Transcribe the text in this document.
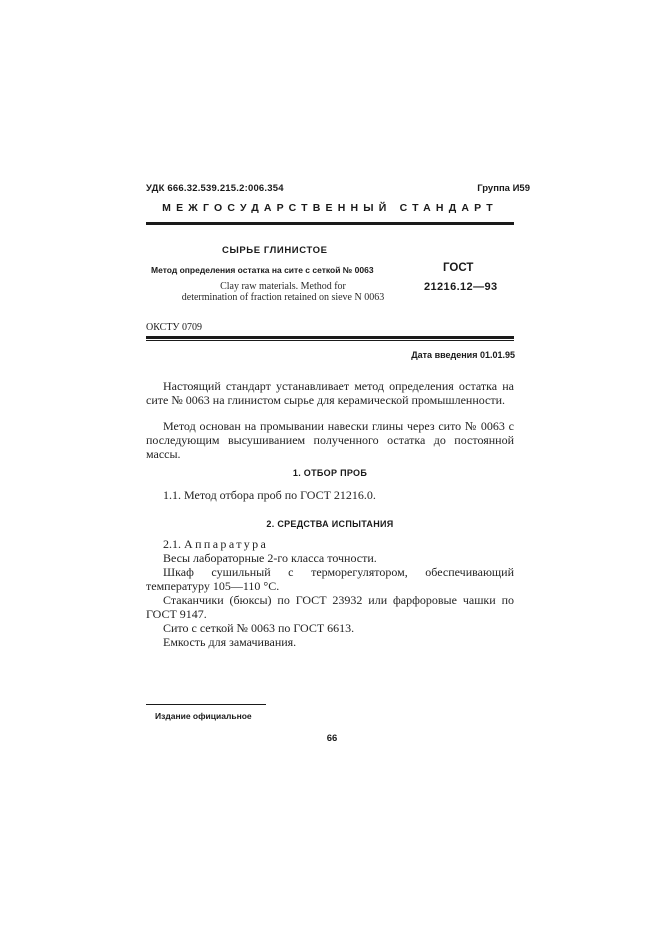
УДК 666.32.539.215.2:006.354	Группа И59
МЕЖГОСУДАРСТВЕННЫЙ СТАНДАРТ
СЫРЬЕ ГЛИНИСТОЕ
Метод определения остатка на сите с сеткой № 0063
Clay raw materials. Method for
determination of fraction retained on sieve N 0063
ГОСТ
21216.12—93
ОКСТУ 0709
Дата введения 01.01.95

Настоящий стандарт устанавливает метод определения остатка на сите № 0063 на глинистом сырье для керамической промышленности.

Метод основан на промывании навески глины через сито № 0063 с последующим высушиванием полученного остатка до постоянной массы.

1. ОТБОР ПРОБ
1.1. Метод отбора проб по ГОСТ 21216.0.
2. СРЕДСТВА ИСПЫТАНИЯ
2.1. Аппаратура
Весы лабораторные 2-го класса точности.

Шкаф сушильный с терморегулятором, обеспечивающий температуру 105—110 °С.

Стаканчики (бюксы) по ГОСТ 23932 или фарфоровые чашки по ГОСТ 9147.

Сито с сеткой № 0063 по ГОСТ 6613.
Емкость для замачивания.
Издание официальное
66
